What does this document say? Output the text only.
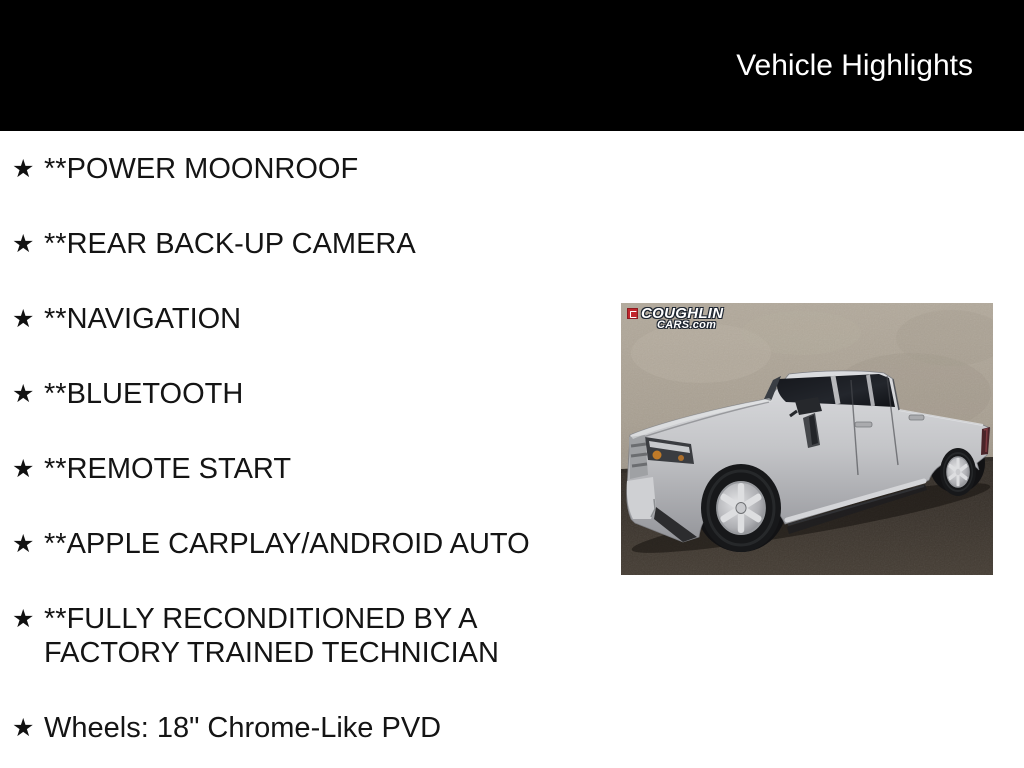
Vehicle Highlights
★ **POWER MOONROOF
★ **REAR BACK-UP CAMERA
★ **NAVIGATION
★ **BLUETOOTH
★ **REMOTE START
★ **APPLE CARPLAY/ANDROID AUTO
★ **FULLY RECONDITIONED BY A FACTORY TRAINED TECHNICIAN
★ Wheels: 18" Chrome-Like PVD
COUGHLIN
CARS.com
